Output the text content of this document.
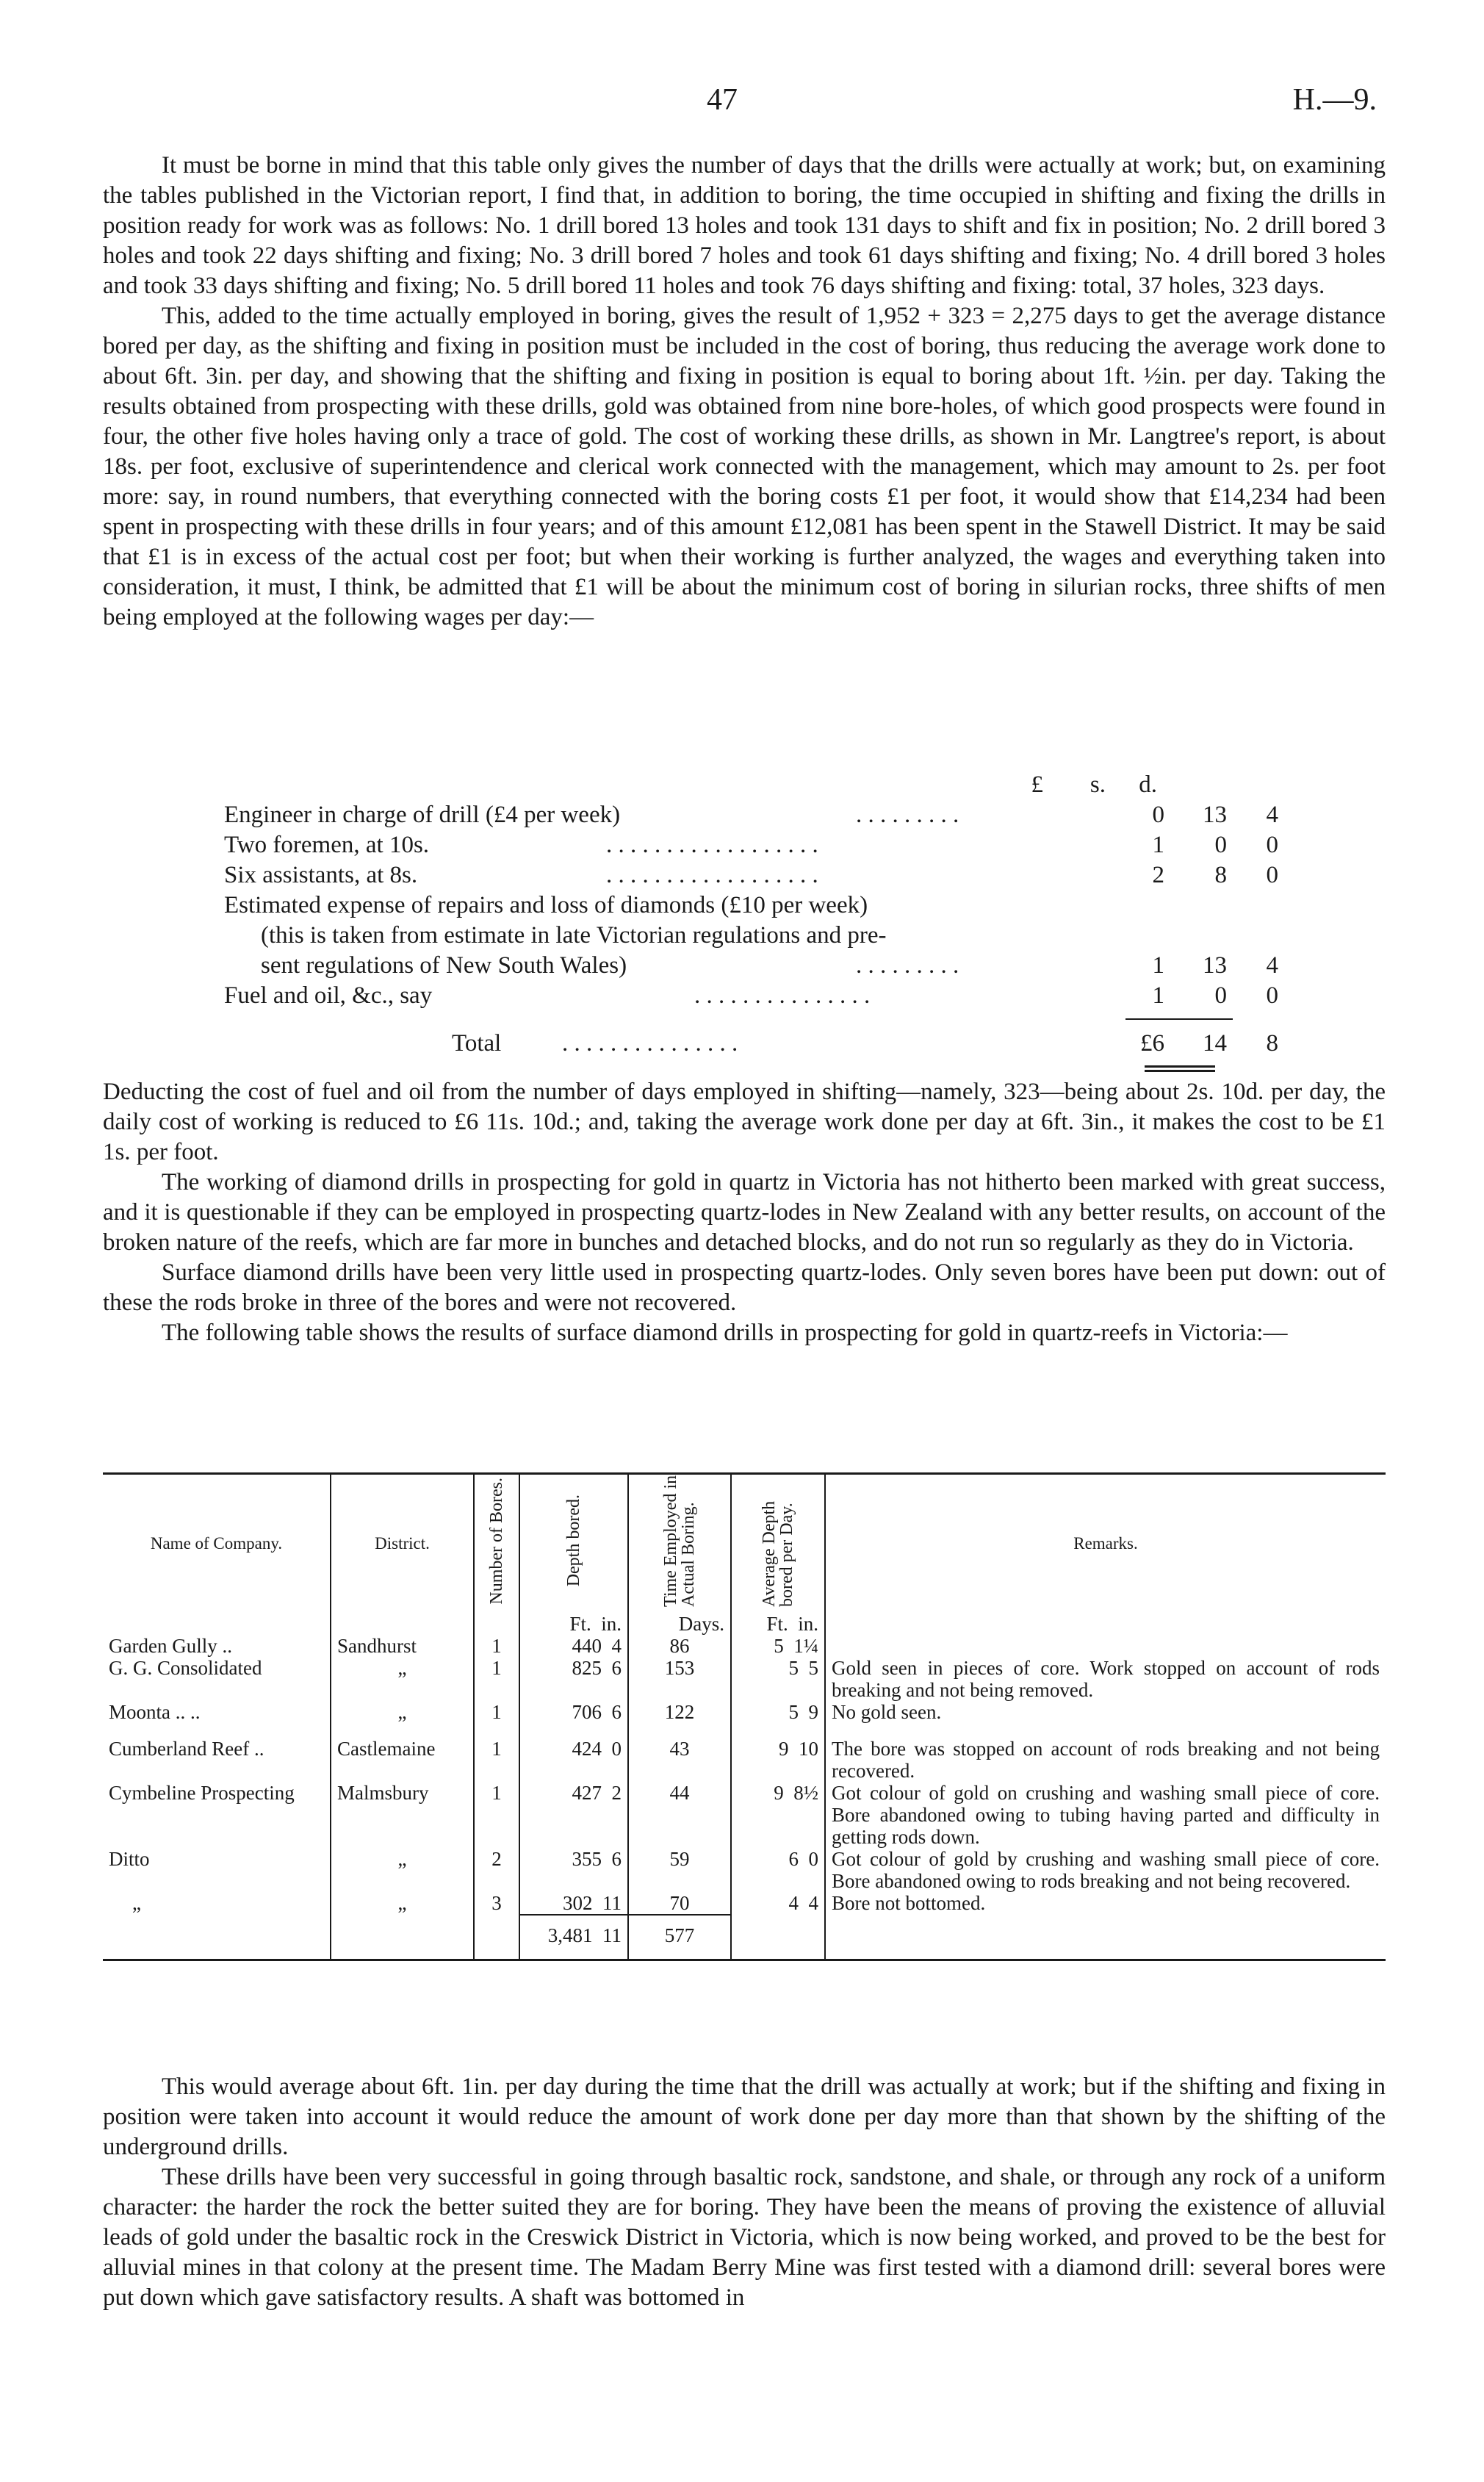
47	H.—9.

It must be borne in mind that this table only gives the number of days that the drills were actually at work; but, on examining the tables published in the Victorian report, I find that, in addition to boring, the time occupied in shifting and fixing the drills in position ready for work was as follows: No. 1 drill bored 13 holes and took 131 days to shift and fix in position; No. 2 drill bored 3 holes and took 22 days shifting and fixing; No. 3 drill bored 7 holes and took 61 days shifting and fixing; No. 4 drill bored 3 holes and took 33 days shifting and fixing; No. 5 drill bored 11 holes and took 76 days shifting and fixing: total, 37 holes, 323 days.

This, added to the time actually employed in boring, gives the result of 1,952 + 323 = 2,275 days to get the average distance bored per day, as the shifting and fixing in position must be included in the cost of boring, thus reducing the average work done to about 6ft. 3in. per day, and showing that the shifting and fixing in position is equal to boring about 1ft. ½in. per day. Taking the results obtained from prospecting with these drills, gold was obtained from nine bore-holes, of which good prospects were found in four, the other five holes having only a trace of gold. The cost of working these drills, as shown in Mr. Langtree's report, is about 18s. per foot, exclusive of superintendence and clerical work connected with the management, which may amount to 2s. per foot more: say, in round numbers, that everything connected with the boring costs £1 per foot, it would show that £14,234 had been spent in prospecting with these drills in four years; and of this amount £12,081 has been spent in the Stawell District. It may be said that £1 is in excess of the actual cost per foot; but when their working is further analyzed, the wages and everything taken into consideration, it must, I think, be admitted that £1 will be about the minimum cost of boring in silurian rocks, three shifts of men being employed at the following wages per day:—

£	s.	d.
Engineer in charge of drill (£4 per week)	. . . . . . . . .	0	13	4
Two foremen, at 10s.	. . . . . . . . . . . . . . . . . .	1	0	0
Six assistants, at 8s.	. . . . . . . . . . . . . . . . . .	2	8	0
Estimated expense of repairs and loss of diamonds (£10 per week)
(this is taken from estimate in late Victorian regulations and pre-
sent regulations of New South Wales)	. . . . . . . . .	1	13	4
Fuel and oil, &c., say	. . . . . . . . . . . . . . .	1	0	0
Total	. . . . . . . . . . . . . . .	£6	14	8

Deducting the cost of fuel and oil from the number of days employed in shifting—namely, 323—being about 2s. 10d. per day, the daily cost of working is reduced to £6 11s. 10d.; and, taking the average work done per day at 6ft. 3in., it makes the cost to be £1 1s. per foot.

The working of diamond drills in prospecting for gold in quartz in Victoria has not hitherto been marked with great success, and it is questionable if they can be employed in prospecting quartz-lodes in New Zealand with any better results, on account of the broken nature of the reefs, which are far more in bunches and detached blocks, and do not run so regularly as they do in Victoria.

Surface diamond drills have been very little used in prospecting quartz-lodes. Only seven bores have been put down: out of these the rods broke in three of the bores and were not recovered.

The following table shows the results of surface diamond drills in prospecting for gold in quartz-reefs in Victoria:—

Name of Company.	District.	Number of Bores.	Depth bored.	Time Employed in Actual Boring.	Average Depth bored per Day.	Remarks.
			Ft. in.	Days.	Ft. in.	
Garden Gully ..	Sandhurst	1	440 4	86	5 1¼	
G. G. Consolidated	„	1	825 6	153	5 5	Gold seen in pieces of core. Work stopped on account of rods breaking and not being removed.
Moonta .. ..	„	1	706 6	122	5 9	No gold seen.
Cumberland Reef ..	Castlemaine	1	424 0	43	9 10	The bore was stopped on account of rods breaking and not being recovered.
Cymbeline Prospecting	Malmsbury	1	427 2	44	9 8½	Got colour of gold on crushing and washing small piece of core. Bore abandoned owing to tubing having parted and difficulty in getting rods down.
Ditto	„	2	355 6	59	6 0	Got colour of gold by crushing and washing small piece of core. Bore abandoned owing to rods breaking and not being recovered.
„	„	3	302 11	70	4 4	Bore not bottomed.
			3,481 11	577		

This would average about 6ft. 1in. per day during the time that the drill was actually at work; but if the shifting and fixing in position were taken into account it would reduce the amount of work done per day more than that shown by the shifting of the underground drills.

These drills have been very successful in going through basaltic rock, sandstone, and shale, or through any rock of a uniform character: the harder the rock the better suited they are for boring. They have been the means of proving the existence of alluvial leads of gold under the basaltic rock in the Creswick District in Victoria, which is now being worked, and proved to be the best for alluvial mines in that colony at the present time. The Madam Berry Mine was first tested with a diamond drill: several bores were put down which gave satisfactory results. A shaft was bottomed in
